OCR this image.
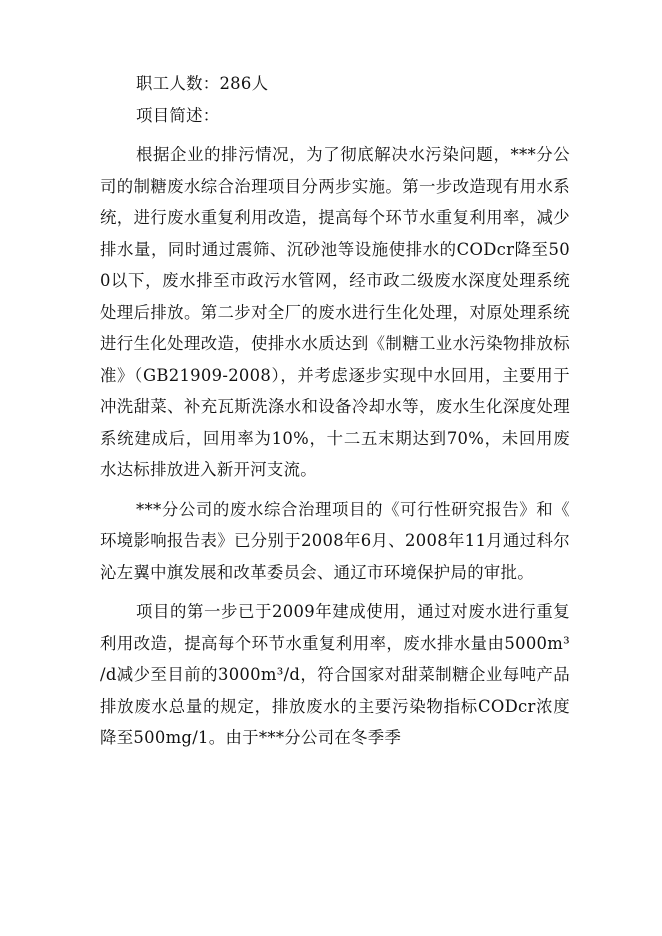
职工人数：286人

项目简述：

根据企业的排污情况，为了彻底解决水污染问题，***分公司的制糖废水综合治理项目分两步实施。第一步改造现有用水系统，进行废水重复利用改造，提高每个环节水重复利用率，减少排水量，同时通过震筛、沉砂池等设施使排水的CODcr降至500以下，废水排至市政污水管网，经市政二级废水深度处理系统处理后排放。第二步对全厂的废水进行生化处理，对原处理系统进行生化处理改造，使排水水质达到《制糖工业水污染物排放标准》（GB21909-2008），并考虑逐步实现中水回用，主要用于冲洗甜菜、补充瓦斯洗涤水和设备冷却水等，废水生化深度处理系统建成后，回用率为10%，十二五末期达到70%，未回用废水达标排放进入新开河支流。

***分公司的废水综合治理项目的《可行性研究报告》和《环境影响报告表》已分别于2008年6月、2008年11月通过科尔沁左翼中旗发展和改革委员会、通辽市环境保护局的审批。

项目的第一步已于2009年建成使用，通过对废水进行重复利用改造，提高每个环节水重复利用率，废水排水量由5000m³/d减少至目前的3000m³/d，符合国家对甜菜制糖企业每吨产品排放废水总量的规定，排放废水的主要污染物指标CODcr浓度降至500mg/1。由于***分公司在冬季季
